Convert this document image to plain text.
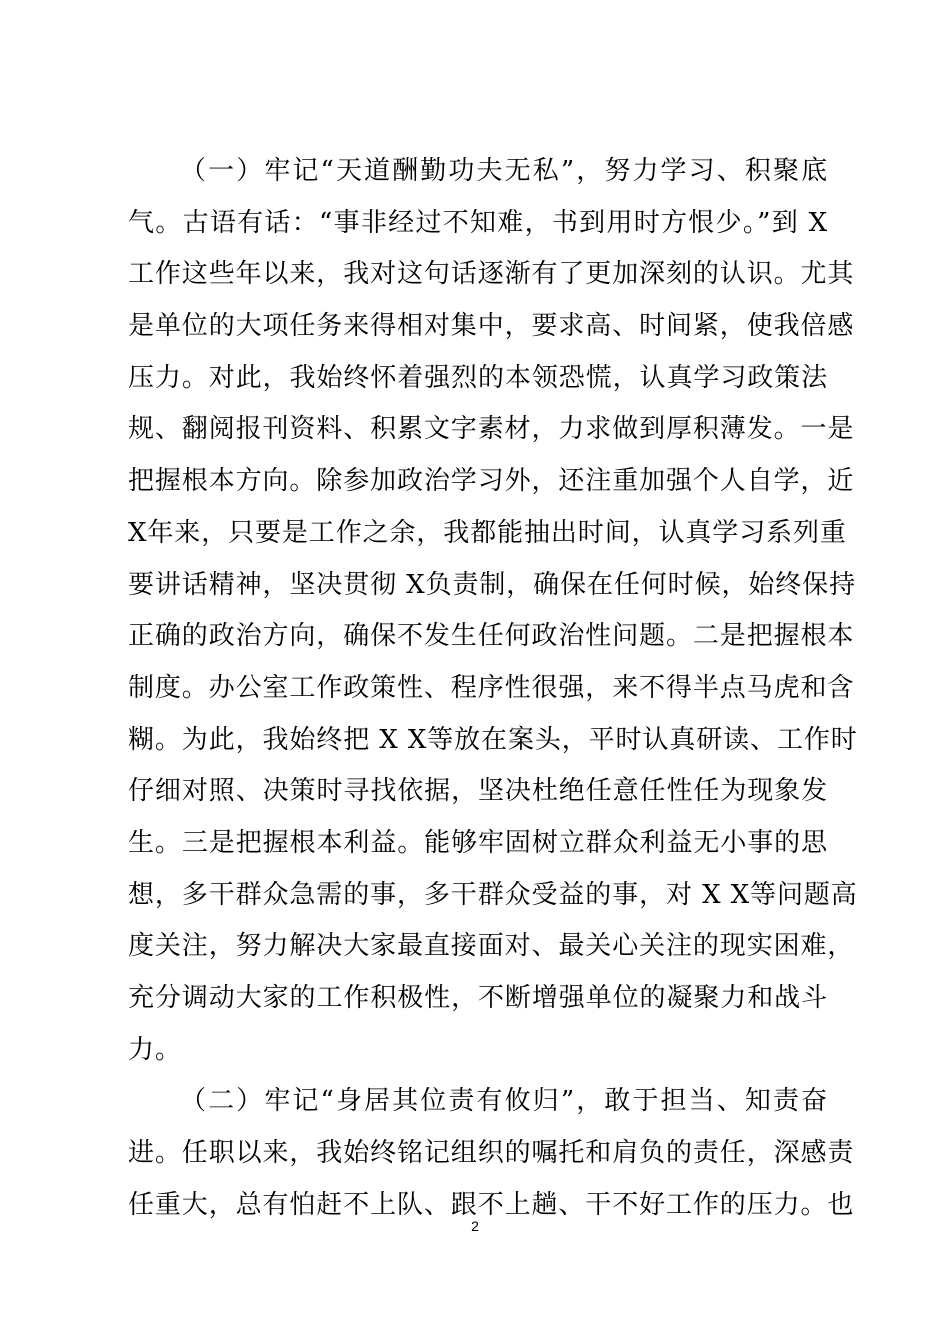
（一）牢记“天道酬勤功夫无私”，努力学习、积聚底
气。古语有话：“事非经过不知难，书到用时方恨少。”到 X
工作这些年以来，我对这句话逐渐有了更加深刻的认识。尤其
是单位的大项任务来得相对集中，要求高、时间紧，使我倍感
压力。对此，我始终怀着强烈的本领恐慌，认真学习政策法
规、翻阅报刊资料、积累文字素材，力求做到厚积薄发。一是
把握根本方向。除参加政治学习外，还注重加强个人自学，近
X年来，只要是工作之余，我都能抽出时间，认真学习系列重
要讲话精神，坚决贯彻 X负责制，确保在任何时候，始终保持
正确的政治方向，确保不发生任何政治性问题。二是把握根本
制度。办公室工作政策性、程序性很强，来不得半点马虎和含
糊。为此，我始终把 X X等放在案头，平时认真研读、工作时
仔细对照、决策时寻找依据，坚决杜绝任意任性任为现象发
生。三是把握根本利益。能够牢固树立群众利益无小事的思
想，多干群众急需的事，多干群众受益的事，对 X X等问题高
度关注，努力解决大家最直接面对、最关心关注的现实困难，
充分调动大家的工作积极性，不断增强单位的凝聚力和战斗
力。
（二）牢记“身居其位责有攸归”，敢于担当、知责奋
进。任职以来，我始终铭记组织的嘱托和肩负的责任，深感责
任重大，总有怕赶不上队、跟不上趟、干不好工作的压力。也
2
